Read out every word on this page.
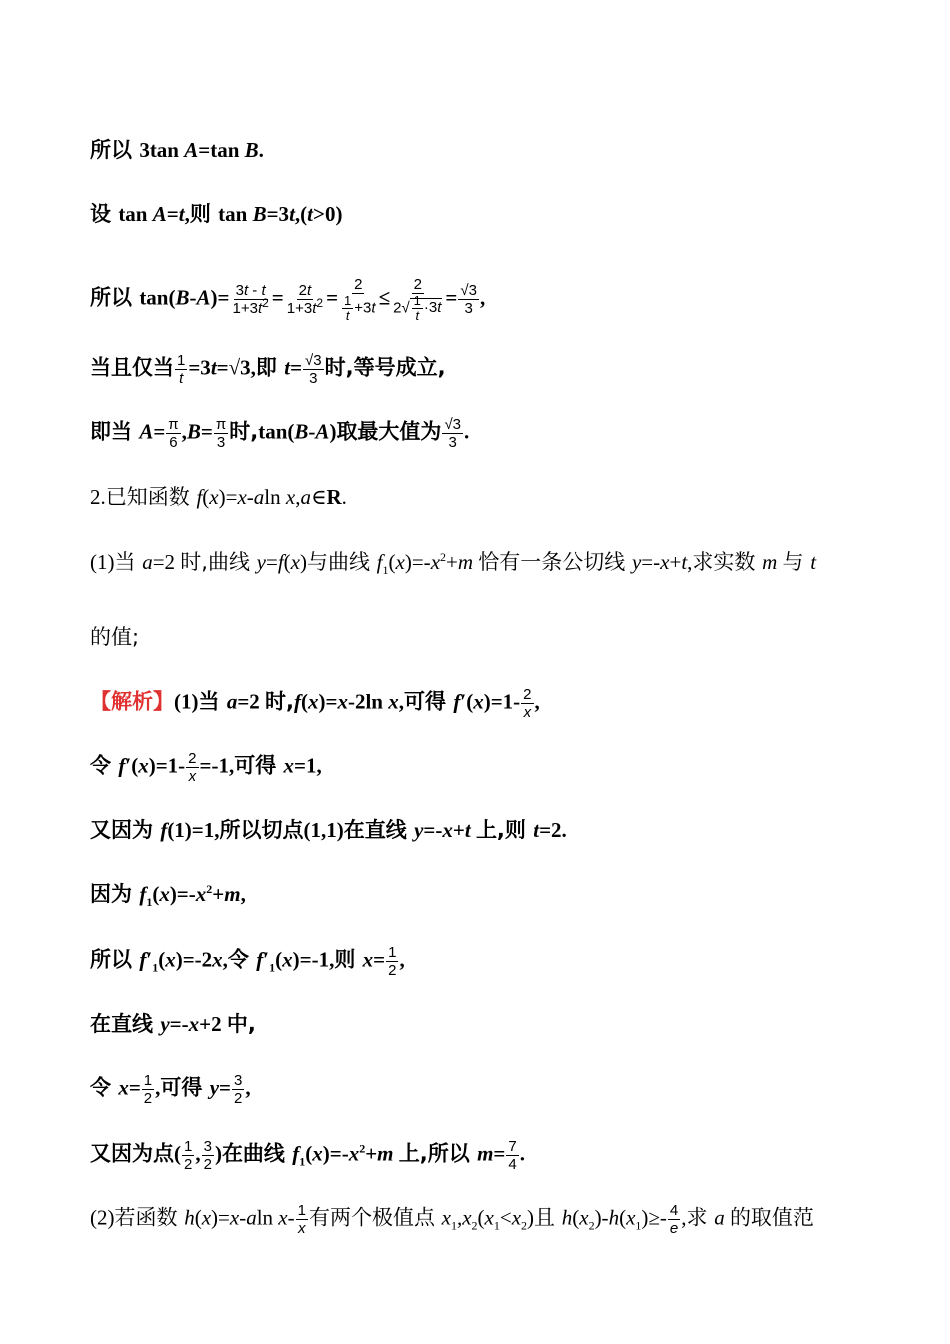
所以 3tan A=tan B.
设 tan A=t,则 tan B=3t,(t>0)
所以 $\tan(B-A)= \frac{3t - t}{1+3t^2} = \frac{2t}{1+3t^2} = \frac{2}{\frac{1}{t} +3t} \le \frac{2}{2√ \frac{1}{t} \cdot 3t} = \frac{√3}{3}$ ,
当且仅当 $\frac{1}{t} =3t=√3$,即 $t= \frac{√3}{3}$ 时,等号成立,
即当 $A= \frac{\pi}{6} ,B= \frac{\pi}{3}$ 时,tan(B-A)取最大值为 $\frac{√3}{3}$ .
2.已知函数 f(x)=x-aln x,a∈R.
(1)当 a=2 时,曲线 y=f(x)与曲线 $f_1(x)=-x^2+m$ 恰有一条公切线 y=-x+t,求实数 m 与 t
的值;
【解析】(1)当 a=2 时,f(x)=x-2ln x,可得 $f'(x)=1- \frac{2}{x}$ ,
令 $f'(x)=1- \frac{2}{x} =-1$,可得 x=1,
又因为 f(1)=1,所以切点(1,1)在直线 y=-x+t 上,则 t=2.
因为 $f_1(x)=-x^2+m$,
所以 $f'_1(x)=-2x$,令 $f'_1(x)=-1$,则 $x= \frac{1}{2}$ ,
在直线 y=-x+2 中,
令 $x= \frac{1}{2}$ ,可得 $y= \frac{3}{2}$ ,
又因为点( $\frac{1}{2}$ , $\frac{3}{2}$ )在曲线 $f_1(x)=-x^2+m$ 上,所以 $m= \frac{7}{4}$ .
(2)若函数 h(x)=x-aln $x- \frac{1}{x}$ 有两个极值点 $x_1,x_2(x_1<x_2)$且 $h(x_2)-h(x_1)\ge- \frac{4}{e}$ ,求 a 的取值范
